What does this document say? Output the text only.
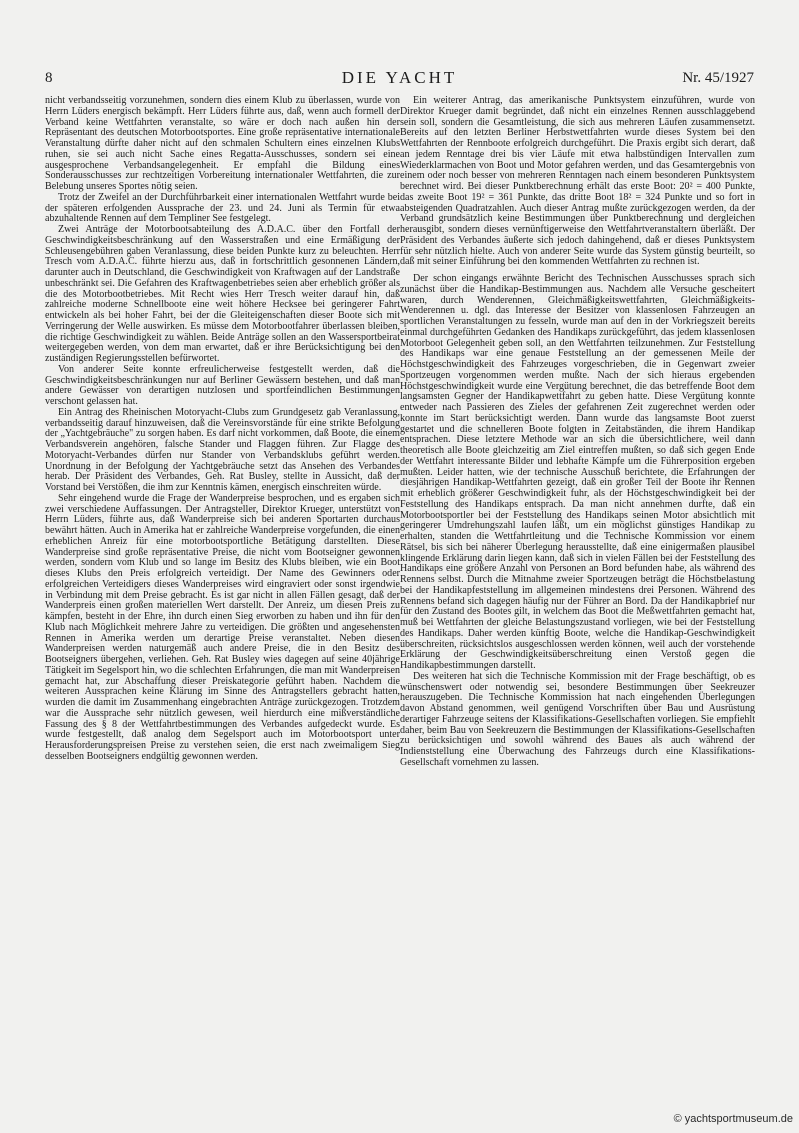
8	DIE YACHT	Nr. 45/1927

nicht verbandsseitig vorzunehmen, sondern dies einem Klub zu überlassen, wurde von Herrn Lüders energisch bekämpft. Herr Lüders führte aus, daß, wenn auch formell der Verband keine Wettfahrten veranstalte, so wäre er doch nach außen hin der Repräsentant des deutschen Motorbootsportes. Eine große repräsentative internationale Veranstaltung dürfte daher nicht auf den schmalen Schultern eines einzelnen Klubs ruhen, sie sei auch nicht Sache eines Regatta-Ausschusses, sondern sei eine ausgesprochene Verbandsangelegenheit. Er empfahl die Bildung eines Sonderausschusses zur rechtzeitigen Vorbereitung internationaler Wettfahrten, die zur Belebung unseres Sportes nötig seien.

Trotz der Zweifel an der Durchführbarkeit einer internationalen Wettfahrt wurde bei der späteren erfolgenden Aussprache der 23. und 24. Juni als Termin für etwa abzuhaltende Rennen auf dem Templiner See festgelegt.

Zwei Anträge der Motorbootsabteilung des A.D.A.C. über den Fortfall der Geschwindigkeitsbeschränkung auf den Wasserstraßen und eine Ermäßigung der Schleusengebühren gaben Veranlassung, diese beiden Punkte kurz zu beleuchten. Herr Tresch vom A.D.A.C. führte hierzu aus, daß in fortschrittlich gesonnenen Ländern, darunter auch in Deutschland, die Geschwindigkeit von Kraftwagen auf der Landstraße unbeschränkt sei. Die Gefahren des Kraftwagenbetriebes seien aber erheblich größer als die des Motorbootbetriebes. Mit Recht wies Herr Tresch weiter darauf hin, daß zahlreiche moderne Schnellboote eine weit höhere Hecksee bei geringerer Fahrt entwickeln als bei hoher Fahrt, bei der die Gleiteigenschaften dieser Boote sich mit Verringerung der Welle auswirken. Es müsse dem Motorbootfahrer überlassen bleiben, die richtige Geschwindigkeit zu wählen. Beide Anträge sollen an den Wassersportbeirat weitergegeben werden, von dem man erwartet, daß er ihre Berücksichtigung bei den zuständigen Regierungsstellen befürwortet.

Von anderer Seite konnte erfreulicherweise festgestellt werden, daß die Geschwindigkeitsbeschränkungen nur auf Berliner Gewässern bestehen, und daß man andere Gewässer von derartigen nutzlosen und sportfeindlichen Bestimmungen verschont gelassen hat.

Ein Antrag des Rheinischen Motoryacht-Clubs zum Grundgesetz gab Veranlassung, verbandsseitig darauf hinzuweisen, daß die Vereinsvorstände für eine strikte Befolgung der „Yachtgebräuche" zu sorgen haben. Es darf nicht vorkommen, daß Boote, die einem Verbandsverein angehören, falsche Stander und Flaggen führen. Zur Flagge des Motoryacht-Verbandes dürfen nur Stander von Verbandsklubs geführt werden. Unordnung in der Befolgung der Yachtgebräuche setzt das Ansehen des Verbandes herab. Der Präsident des Verbandes, Geh. Rat Busley, stellte in Aussicht, daß der Vorstand bei Verstößen, die ihm zur Kenntnis kämen, energisch einschreiten würde.

Sehr eingehend wurde die Frage der Wanderpreise besprochen, und es ergaben sich zwei verschiedene Auffassungen. Der Antragsteller, Direktor Krueger, unterstützt von Herrn Lüders, führte aus, daß Wanderpreise sich bei anderen Sportarten durchaus bewährt hätten. Auch in Amerika hat er zahlreiche Wanderpreise vorgefunden, die einen erheblichen Anreiz für eine motorbootsportliche Betätigung darstellten. Diese Wanderpreise sind große repräsentative Preise, die nicht vom Bootseigner gewonnen werden, sondern vom Klub und so lange im Besitz des Klubs bleiben, wie ein Boot dieses Klubs den Preis erfolgreich verteidigt. Der Name des Gewinners oder erfolgreichen Verteidigers dieses Wanderpreises wird eingraviert oder sonst irgendwie in Verbindung mit dem Preise gebracht. Es ist gar nicht in allen Fällen gesagt, daß der Wanderpreis einen großen materiellen Wert darstellt. Der Anreiz, um diesen Preis zu kämpfen, besteht in der Ehre, ihn durch einen Sieg erworben zu haben und ihn für den Klub nach Möglichkeit mehrere Jahre zu verteidigen. Die größten und angesehensten Rennen in Amerika werden um derartige Preise veranstaltet. Neben diesen Wanderpreisen werden naturgemäß auch andere Preise, die in den Besitz des Bootseigners übergehen, verliehen. Geh. Rat Busley wies dagegen auf seine 40jährige Tätigkeit im Segelsport hin, wo die schlechten Erfahrungen, die man mit Wanderpreisen gemacht hat, zur Abschaffung dieser Preiskategorie geführt haben. Nachdem die weiteren Aussprachen keine Klärung im Sinne des Antragstellers gebracht hatten, wurden die damit im Zusammenhang eingebrachten Anträge zurückgezogen. Trotzdem war die Aussprache sehr nützlich gewesen, weil hierdurch eine mißverständliche Fassung des § 8 der Wettfahrtbestimmungen des Verbandes aufgedeckt wurde. Es wurde festgestellt, daß analog dem Segelsport auch im Motorbootsport unter Herausforderungspreisen Preise zu verstehen seien, die erst nach zweimaligem Sieg desselben Bootseigners endgültig gewonnen werden.

Ein weiterer Antrag, das amerikanische Punktsystem einzuführen, wurde von Direktor Krueger damit begründet, daß nicht ein einzelnes Rennen ausschlaggebend sein soll, sondern die Gesamtleistung, die sich aus mehreren Läufen zusammensetzt. Bereits auf den letzten Berliner Herbstwettfahrten wurde dieses System bei den Wettfahrten der Rennboote erfolgreich durchgeführt. Die Praxis ergibt sich derart, daß an jedem Renntage drei bis vier Läufe mit etwa halbstündigen Intervallen zum Wiederklarmachen von Boot und Motor gefahren werden, und das Gesamtergebnis von einem oder noch besser von mehreren Renntagen nach einem besonderen Punktsystem berechnet wird. Bei dieser Punktberechnung erhält das erste Boot: 20² = 400 Punkte, das zweite Boot 19² = 361 Punkte, das dritte Boot 18² = 324 Punkte und so fort in absteigenden Quadratzahlen. Auch dieser Antrag mußte zurückgezogen werden, da der Verband grundsätzlich keine Bestimmungen über Punktberechnung und dergleichen herausgibt, sondern dieses vernünftigerweise den Wettfahrtveranstaltern überläßt. Der Präsident des Verbandes äußerte sich jedoch dahingehend, daß er dieses Punktsystem für sehr nützlich hielte. Auch von anderer Seite wurde das System günstig beurteilt, so daß mit seiner Einführung bei den kommenden Wettfahrten zu rechnen ist.

Der schon eingangs erwähnte Bericht des Technischen Ausschusses sprach sich zunächst über die Handikap-Bestimmungen aus. Nachdem alle Versuche gescheitert waren, durch Wenderennen, Gleichmäßigkeitswettfahrten, Gleichmäßigkeits-Wenderennen u. dgl. das Interesse der Besitzer von klassenlosen Fahrzeugen an sportlichen Veranstaltungen zu fesseln, wurde man auf den in der Vorkriegszeit bereits einmal durchgeführten Gedanken des Handikaps zurückgeführt, das jedem klassenlosen Motorboot Gelegenheit geben soll, an den Wettfahrten teilzunehmen. Zur Feststellung des Handikaps war eine genaue Feststellung an der gemessenen Meile der Höchstgeschwindigkeit des Fahrzeuges vorgeschrieben, die in Gegenwart zweier Sportzeugen vorgenommen werden mußte. Nach der sich hieraus ergebenden Höchstgeschwindigkeit wurde eine Vergütung berechnet, die das betreffende Boot dem langsamsten Gegner der Handikapwettfahrt zu geben hatte. Diese Vergütung konnte entweder nach Passieren des Zieles der gefahrenen Zeit zugerechnet werden oder konnte im Start berücksichtigt werden. Dann wurde das langsamste Boot zuerst gestartet und die schnelleren Boote folgten in Zeitabständen, die ihrem Handikap entsprachen. Diese letztere Methode war an sich die übersichtlichere, weil dann theoretisch alle Boote gleichzeitig am Ziel eintreffen mußten, so daß sich gegen Ende der Wettfahrt interessante Bilder und lebhafte Kämpfe um die Führerposition ergeben mußten. Leider hatten, wie der technische Ausschuß berichtete, die Erfahrungen der diesjährigen Handikap-Wettfahrten gezeigt, daß ein großer Teil der Boote ihr Rennen mit erheblich größerer Geschwindigkeit fuhr, als der Höchstgeschwindigkeit bei der Feststellung des Handikaps entsprach. Da man nicht annehmen durfte, daß ein Motorbootsportler bei der Feststellung des Handikaps seinen Motor absichtlich mit geringerer Umdrehungszahl laufen läßt, um ein möglichst günstiges Handikap zu erhalten, standen die Wettfahrtleitung und die Technische Kommission vor einem Rätsel, bis sich bei näherer Überlegung herausstellte, daß eine einigermaßen plausibel klingende Erklärung darin liegen kann, daß sich in vielen Fällen bei der Feststellung des Handikaps eine größere Anzahl von Personen an Bord befunden habe, als während des Rennens selbst. Durch die Mitnahme zweier Sportzeugen beträgt die Höchstbelastung bei der Handikapfeststellung im allgemeinen mindestens drei Personen. Während des Rennens befand sich dagegen häufig nur der Führer an Bord. Da der Handikapbrief nur für den Zustand des Bootes gilt, in welchem das Boot die Meßwettfahrten gemacht hat, muß bei Wettfahrten der gleiche Belastungszustand vorliegen, wie bei der Feststellung des Handikaps. Daher werden künftig Boote, welche die Handikap-Geschwindigkeit überschreiten, rücksichtslos ausgeschlossen werden können, weil auch der vorstehende Erklärung der Geschwindigkeitsüberschreitung einen Verstoß gegen die Handikapbestimmungen darstellt.

Des weiteren hat sich die Technische Kommission mit der Frage beschäftigt, ob es wünschenswert oder notwendig sei, besondere Bestimmungen über Seekreuzer herauszugeben. Die Technische Kommission hat nach eingehenden Überlegungen davon Abstand genommen, weil genügend Vorschriften über Bau und Ausrüstung derartiger Fahrzeuge seitens der Klassifikations-Gesellschaften vorliegen. Sie empfiehlt daher, beim Bau von Seekreuzern die Bestimmungen der Klassifikations-Gesellschaften zu berücksichtigen und sowohl während des Baues als auch während der Indienststellung eine Überwachung des Fahrzeugs durch eine Klassifikations-Gesellschaft vornehmen zu lassen.

© yachtsportmuseum.de
